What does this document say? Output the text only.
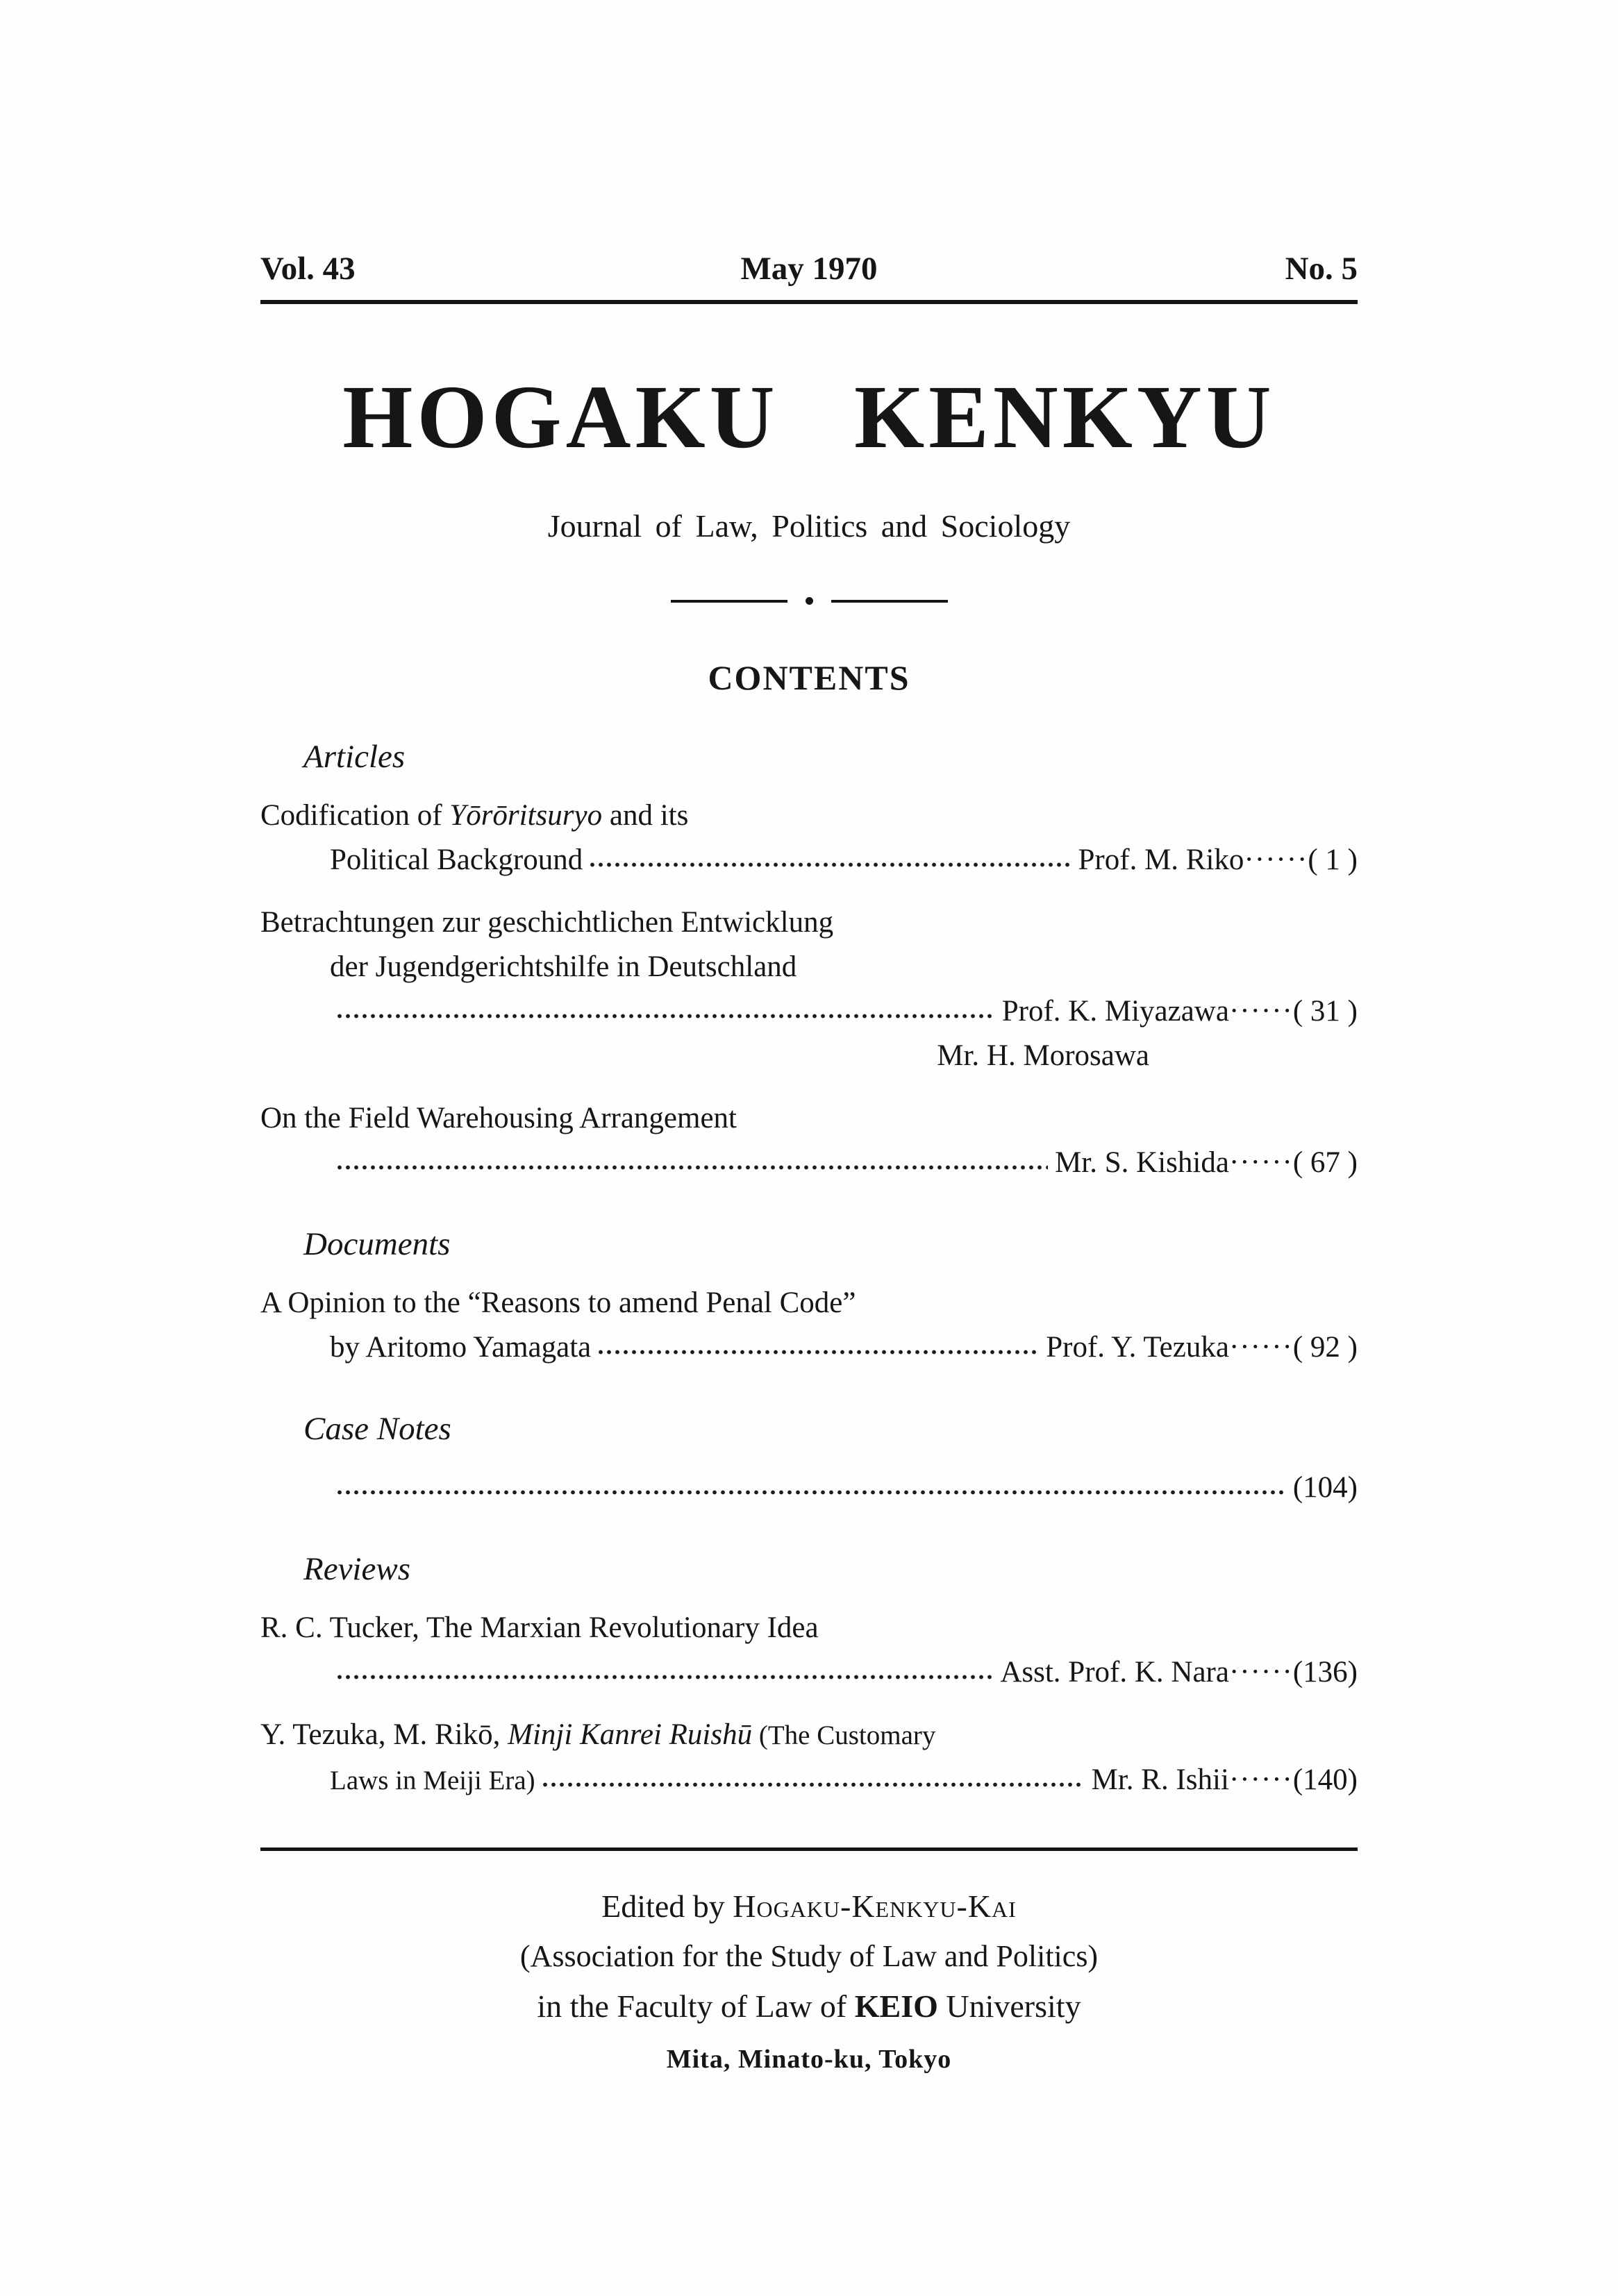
Vol. 43	May 1970	No. 5
HOGAKU KENKYU
Journal of Law, Politics and Sociology
CONTENTS
Articles
Codification of Yōrōritsuryo and its
Political Background	Prof. M. Riko······( 1 )
Betrachtungen zur geschichtlichen Entwicklung
der Jugendgerichtshilfe in Deutschland
Prof. K. Miyazawa······( 31 )
Mr. H. Morosawa
On the Field Warehousing Arrangement
Mr. S. Kishida······( 67 )
Documents
A Opinion to the “Reasons to amend Penal Code”
by Aritomo Yamagata	Prof. Y. Tezuka······( 92 )
Case Notes
(104)
Reviews
R. C. Tucker, The Marxian Revolutionary Idea
Asst. Prof. K. Nara······(136)
Y. Tezuka, M. Rikō, Minji Kanrei Ruishū (The Customary
Laws in Meiji Era)	Mr. R. Ishii······(140)
Edited by Hogaku-Kenkyu-Kai
(Association for the Study of Law and Politics)
in the Faculty of Law of KEIO University
Mita, Minato-ku, Tokyo
